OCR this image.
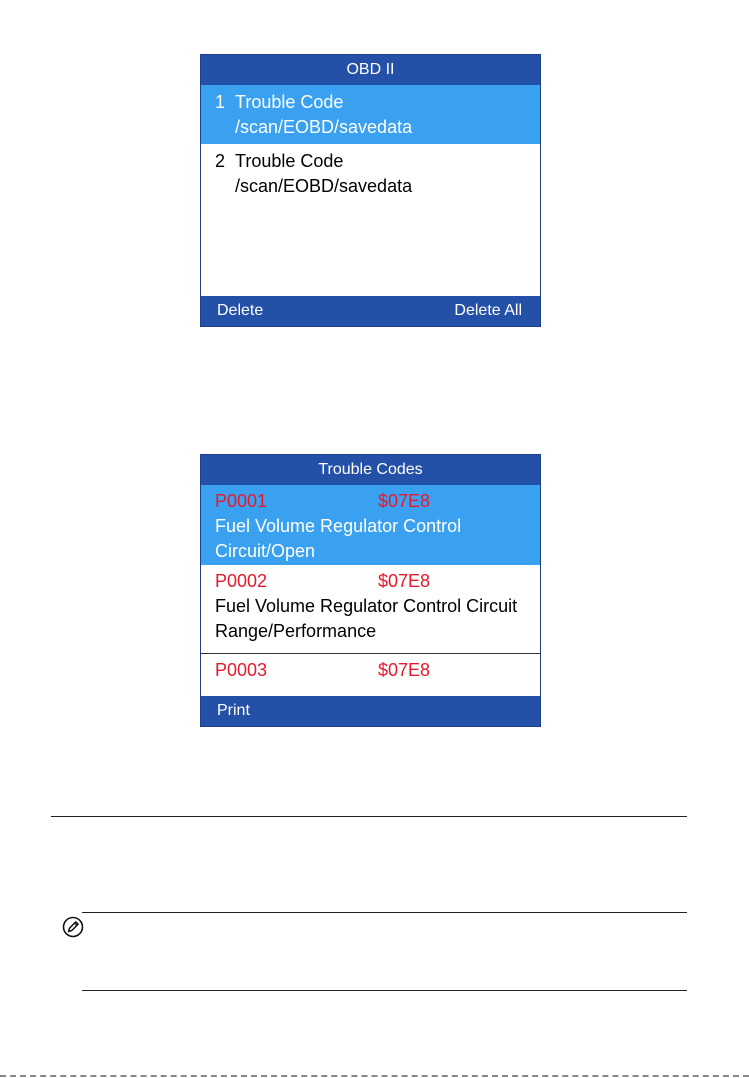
OBD II
1 Trouble Code
/scan/EOBD/savedata
2 Trouble Code
/scan/EOBD/savedata
Delete	Delete All
Trouble Codes
P0001	$07E8
Fuel Volume Regulator Control
Circuit/Open
P0002	$07E8
Fuel Volume Regulator Control Circuit
Range/Performance
P0003	$07E8
Print
